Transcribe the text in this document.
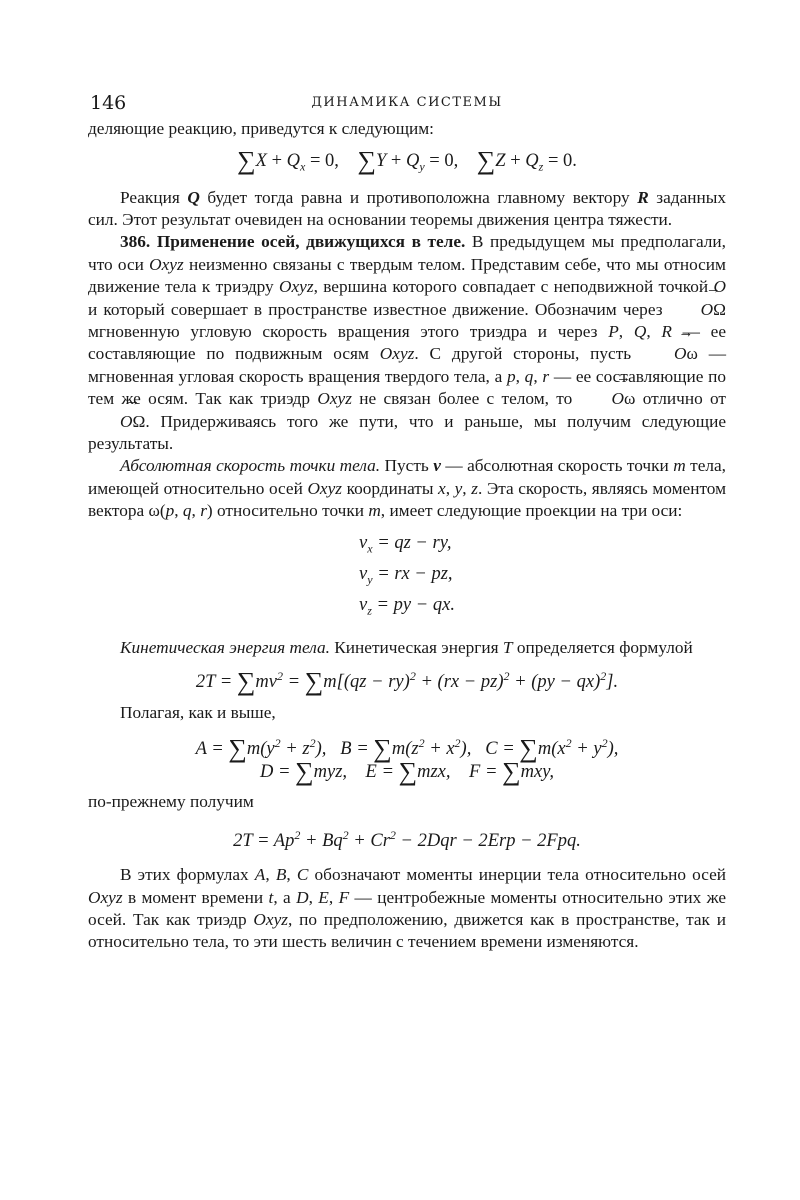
146	ДИНАМИКА СИСТЕМЫ

деляющие реакцию, приведутся к следующим:

$\sum X + Q_x = 0$,    $\sum Y + Q_y = 0$,    $\sum Z + Q_z = 0$.

Реакция Q будет тогда равна и противоположна главному вектору R заданных сил. Этот результат очевиден на основании теоремы движения центра тяжести.

386. Применение осей, движущихся в теле. В предыдущем мы предполагали, что оси Oxyz неизменно связаны с твердым телом. Представим себе, что мы относим движение тела к триэдру Oxyz, вершина которого совпадает с неподвижной точкой O и который совершает в пространстве известное движение. Обозначим через → OΩ мгновенную угловую скорость вращения этого триэдра и через P, Q, R — ее составляющие по подвижным осям Oxyz. С другой стороны, пусть → Oω — мгновенная угловая скорость вращения твердого тела, а p, q, r — ее составляющие по тем же осям. Так как триэдр Oxyz не связан более с телом, то → Oω отлично от → OΩ. Придерживаясь того же пути, что и раньше, мы получим следующие результаты.

Абсолютная скорость точки тела. Пусть v — абсолютная скорость точки m тела, имеющей относительно осей Oxyz координаты x, y, z. Эта скорость, являясь моментом вектора ω(p, q, r) относительно точки m, имеет следующие проекции на три оси:

$v_x$ = qz − ry,
$v_y$ = rx − pz,
$v_z$ = py − qx.

Кинетическая энергия тела. Кинетическая энергия T определяется формулой

$2T = \sum mv^2 = \sum m[(qz - ry)^2 + (rx - pz)^2 + (py - qx)^2]$.

Полагая, как и выше,

$A = \sum m(y^2 + z^2)$,   $B = \sum m(z^2 + x^2)$,   $C = \sum m(x^2 + y^2)$,

D = ∑myz,    E = ∑mzx,    F = ∑mxy,

по-прежнему получим

$2T = Ap^2 + Bq^2 + Cr^2 - 2Dqr - 2Erp - 2Fpq$.

В этих формулах A, B, C обозначают моменты инерции тела относительно осей Oxyz в момент времени t, а D, E, F — центробежные моменты относительно этих же осей. Так как триэдр Oxyz, по предположению, движется как в пространстве, так и относительно тела, то эти шесть величин с течением времени изменяются.
